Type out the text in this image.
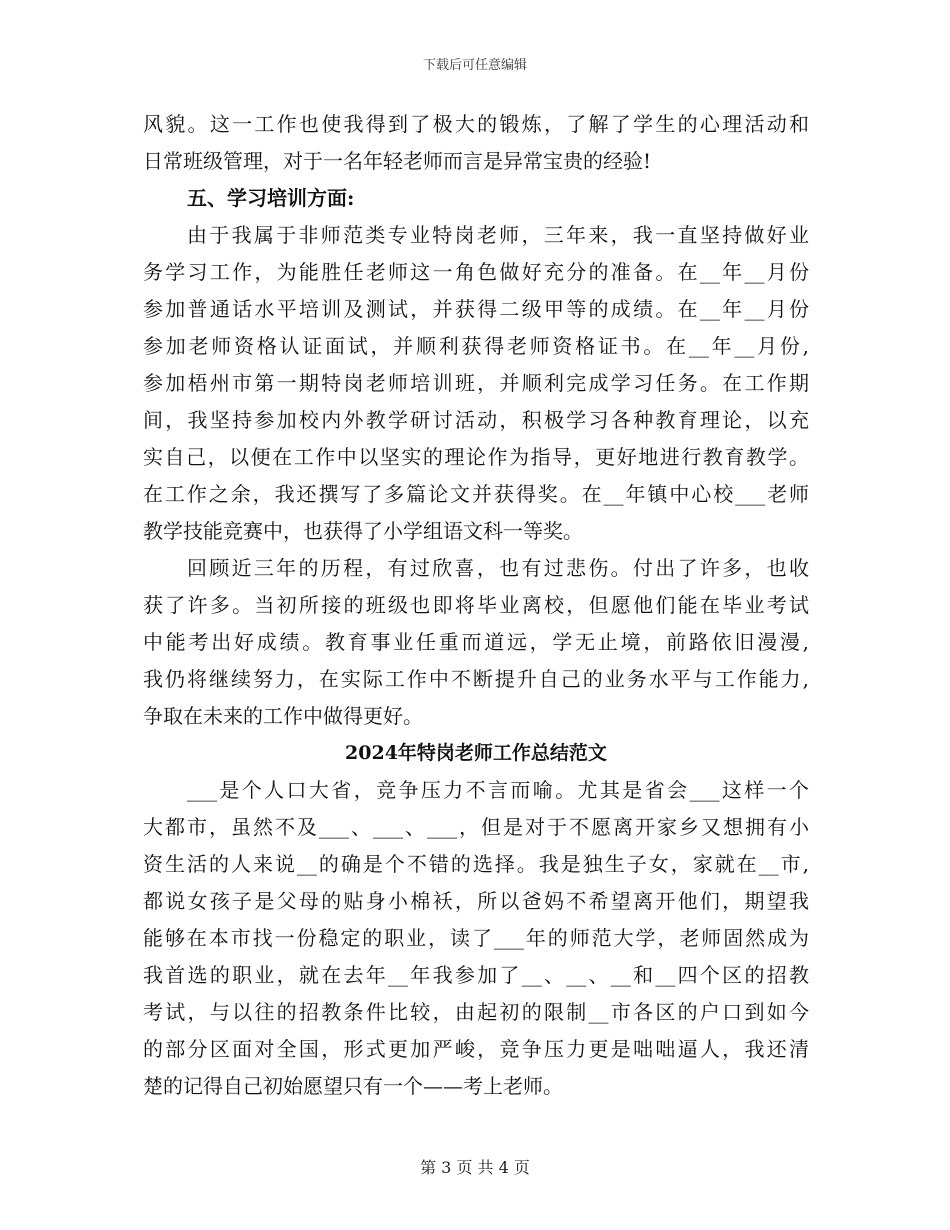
下载后可任意编辑
风貌。这一工作也使我得到了极大的锻炼，了解了学生的心理活动和
日常班级管理，对于一名年轻老师而言是异常宝贵的经验!
五、学习培训方面:
由于我属于非师范类专业特岗老师，三年来，我一直坚持做好业
务学习工作，为能胜任老师这一角色做好充分的准备。在__年__月份
参加普通话水平培训及测试，并获得二级甲等的成绩。在__年__月份
参加老师资格认证面试，并顺利获得老师资格证书。在__年__月份,
参加梧州市第一期特岗老师培训班，并顺利完成学习任务。在工作期
间，我坚持参加校内外教学研讨活动，积极学习各种教育理论，以充
实自己，以便在工作中以坚实的理论作为指导，更好地进行教育教学。
在工作之余，我还撰写了多篇论文并获得奖。在__年镇中心校___老师
教学技能竞赛中，也获得了小学组语文科一等奖。
回顾近三年的历程，有过欣喜，也有过悲伤。付出了许多，也收
获了许多。当初所接的班级也即将毕业离校，但愿他们能在毕业考试
中能考出好成绩。教育事业任重而道远，学无止境，前路依旧漫漫,
我仍将继续努力，在实际工作中不断提升自己的业务水平与工作能力,
争取在未来的工作中做得更好。
2024年特岗老师工作总结范文
___是个人口大省，竞争压力不言而喻。尤其是省会___这样一个
大都市，虽然不及___、___、___，但是对于不愿离开家乡又想拥有小
资生活的人来说__的确是个不错的选择。我是独生子女，家就在__市,
都说女孩子是父母的贴身小棉袄，所以爸妈不希望离开他们，期望我
能够在本市找一份稳定的职业，读了___年的师范大学，老师固然成为
我首选的职业，就在去年__年我参加了__、__、__和__四个区的招教
考试，与以往的招教条件比较，由起初的限制__市各区的户口到如今
的部分区面对全国，形式更加严峻，竞争压力更是咄咄逼人，我还清
楚的记得自己初始愿望只有一个——考上老师。
第 3 页 共 4 页
